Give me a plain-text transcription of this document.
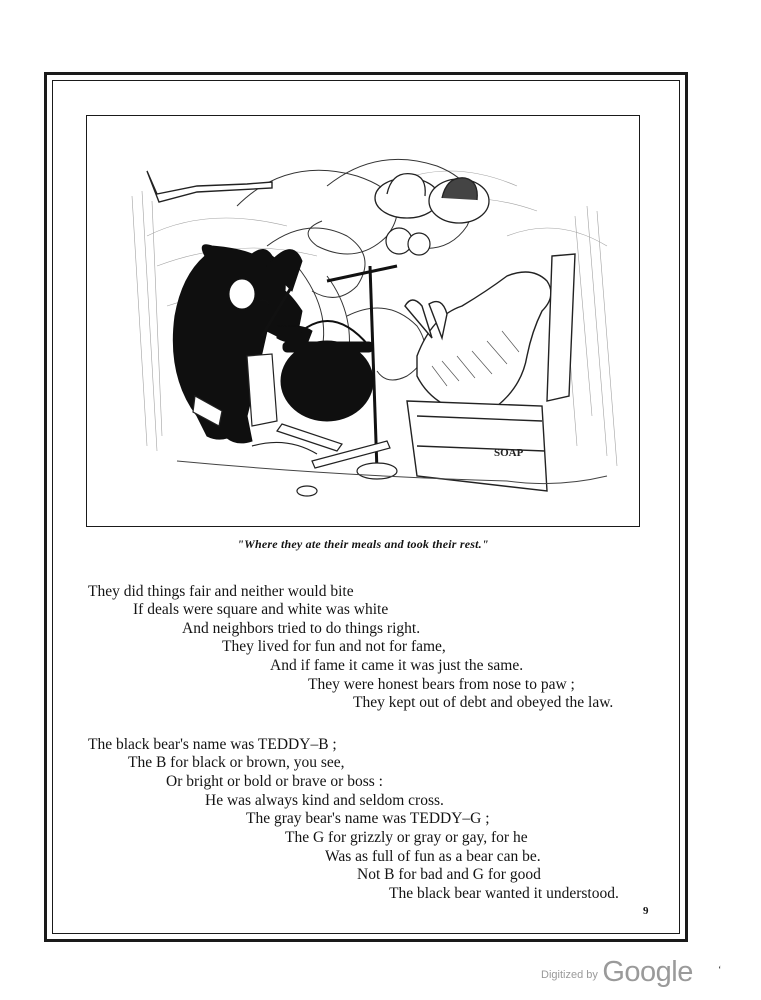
SOAP
"Where they ate their meals and took their rest."
They did things fair and neither would bite
If deals were square and white was white
And neighbors tried to do things right.
They lived for fun and not for fame,
And if fame it came it was just the same.
They were honest bears from nose to paw ;
They kept out of debt and obeyed the law.
The black bear's name was TEDDY–B ;
The B for black or brown, you see,
Or bright or bold or brave or boss :
He was always kind and seldom cross.
The gray bear's name was TEDDY–G ;
The G for grizzly or gray or gay, for he
Was as full of fun as a bear can be.
Not B for bad and G for good
The black bear wanted it understood.
9
Digitized by Google	‘
